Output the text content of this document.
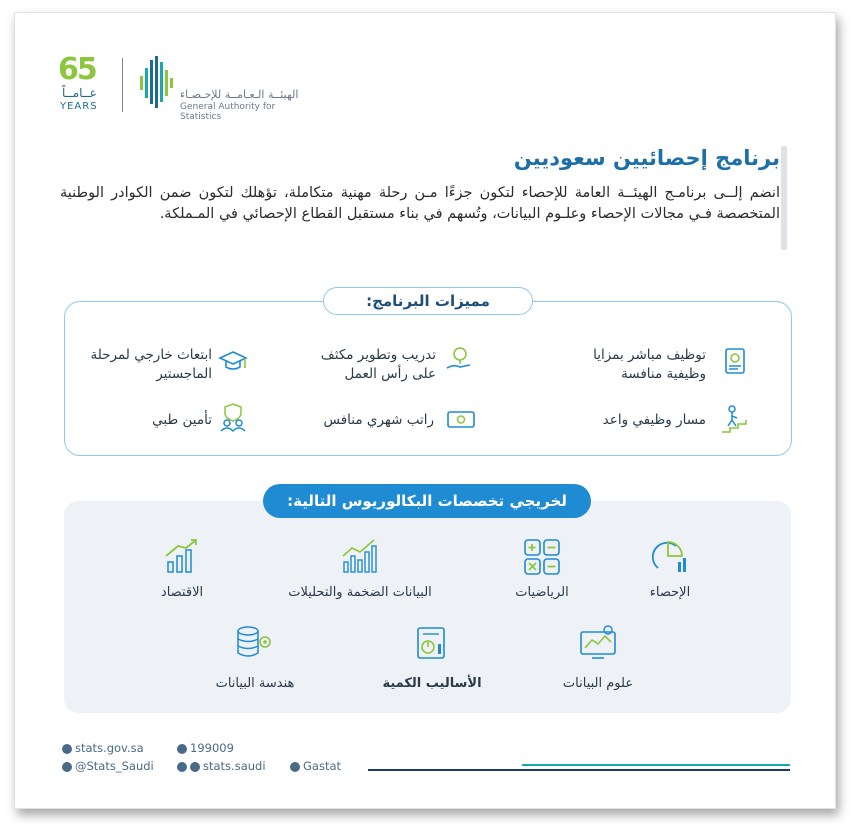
65
عــامــاً
YEARS
الهيئــة الـعـامــة للإحـصـاء
General Authority for Statistics
برنامج إحصائيين سعوديين
انضم إلــى برنامـج الهيئــة العامة للإحصاء لتكون جزءًا مـن رحلة مهنية متكاملة، تؤهلك لتكون ضمن الكوادر الوطنية المتخصصة فـي مجالات الإحصاء وعلـوم البيانات، وتُسهم في بناء مستقبل القطاع الإحصائي في المـملكة.
مميزات البرنامج:
توظيف مباشر بمزايا وظيفية منافسة
تدريب وتطوير مكثف على رأس العمل
ابتعاث خارجي لمرحلة الماجستير
مسار وظيفي واعد
راتب شهري منافس
تأمين طبي
لخريجي تخصصات البكالوريوس التالية:
الإحصاء
الرياضيات
البيانات الضخمة والتحليلات
الاقتصاد
علوم البيانات
الأساليب الكمية
هندسة البيانات
stats.gov.sa	199009
@Stats_Saudi	stats.saudi	Gastat
